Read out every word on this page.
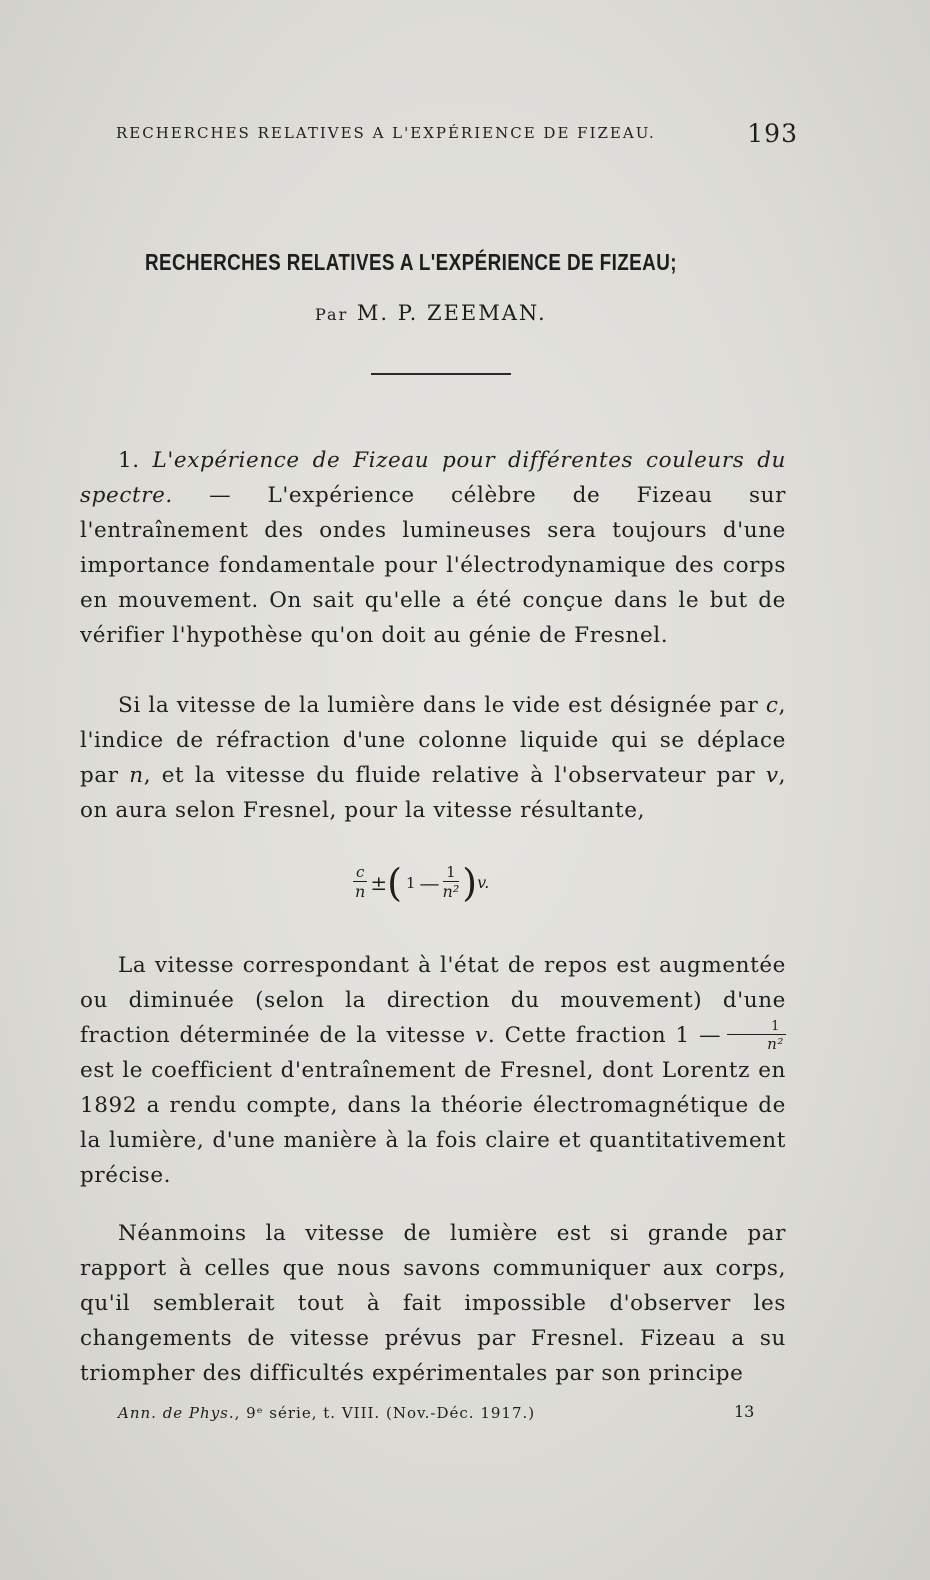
RECHERCHES RELATIVES A L'EXPÉRIENCE DE FIZEAU.	193
RECHERCHES RELATIVES A L'EXPÉRIENCE DE FIZEAU;
Par M. P. ZEEMAN.
1. L'expérience de Fizeau pour différentes couleurs du spectre. — L'expérience célèbre de Fizeau sur l'entraînement des ondes lumineuses sera toujours d'une importance fondamentale pour l'électrodynamique des corps en mouvement. On sait qu'elle a été conçue dans le but de vérifier l'hypothèse qu'on doit au génie de Fresnel.
Si la vitesse de la lumière dans le vide est désignée par c, l'indice de réfraction d'une colonne liquide qui se déplace par n, et la vitesse du fluide relative à l'observateur par v, on aura selon Fresnel, pour la vitesse résultante,
$\frac{c}{n}$ ± ( 1 — $\frac{1}{\text{n²}}$ ) v.
La vitesse correspondant à l'état de repos est augmentée ou diminuée (selon la direction du mouvement) d'une fraction déterminée de la vitesse v. Cette fraction 1 — $\frac{1}{\text{n²}}$
est le coefficient d'entraînement de Fresnel, dont Lorentz en 1892 a rendu compte, dans la théorie électromagnétique de la lumière, d'une manière à la fois claire et quantitativement précise.
Néanmoins la vitesse de lumière est si grande par rapport à celles que nous savons communiquer aux corps, qu'il semblerait tout à fait impossible d'observer les changements de vitesse prévus par Fresnel. Fizeau a su triompher des difficultés expérimentales par son principe
Ann. de Phys., 9ᵉ série, t. VIII. (Nov.-Déc. 1917.)	13
